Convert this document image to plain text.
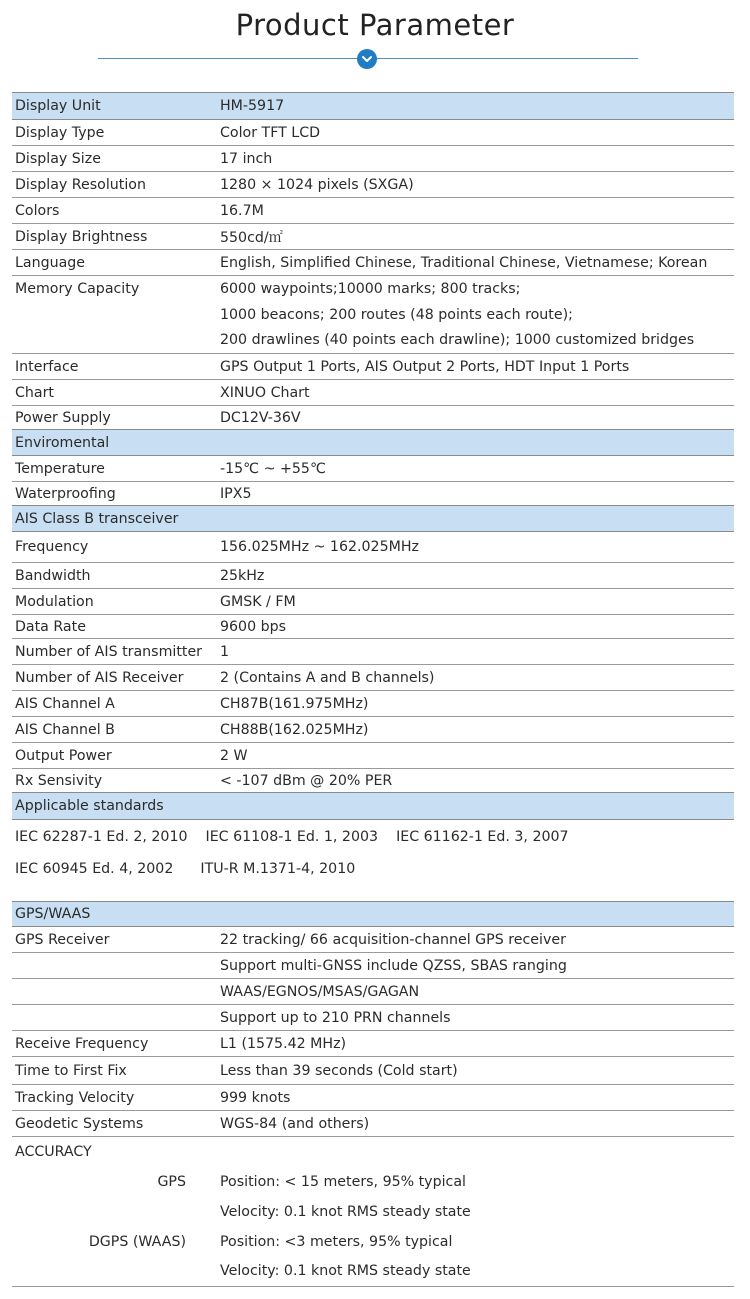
Product Parameter
Display Unit	HM-5917
Display Type	Color TFT LCD
Display Size	17 inch
Display Resolution	1280 × 1024 pixels (SXGA)
Colors	16.7M
Display Brightness	550cd/㎡
Language	English, Simplified Chinese, Traditional Chinese, Vietnamese; Korean
Memory Capacity	6000 waypoints;10000 marks; 800 tracks;
	1000 beacons; 200 routes (48 points each route);
	200 drawlines (40 points each drawline); 1000 customized bridges
Interface	GPS Output 1 Ports, AIS Output 2 Ports, HDT Input 1 Ports
Chart	XINUO Chart
Power Supply	DC12V-36V
Enviromental	
Temperature	-15℃ ~ +55℃
Waterproofing	IPX5
AIS Class B transceiver	
Frequency	156.025MHz ~ 162.025MHz
Bandwidth	25kHz
Modulation	GMSK / FM
Data Rate	9600 bps
Number of AIS transmitter	1
Number of AIS Receiver	2 (Contains A and B channels)
AIS Channel A	CH87B(161.975MHz)
AIS Channel B	CH88B(162.025MHz)
Output Power	2 W
Rx Sensivity	< -107 dBm @ 20% PER
Applicable standards	
IEC 62287-1 Ed. 2, 2010    IEC 61108-1 Ed. 1, 2003    IEC 61162-1 Ed. 3, 2007	
IEC 60945 Ed. 4, 2002      ITU-R M.1371-4, 2010	

GPS/WAAS	
GPS Receiver	22 tracking/ 66 acquisition-channel GPS receiver
	Support multi-GNSS include QZSS, SBAS ranging
	WAAS/EGNOS/MSAS/GAGAN
	Support up to 210 PRN channels
Receive Frequency	L1 (1575.42 MHz)
Time to First Fix	Less than 39 seconds (Cold start)
Tracking Velocity	999 knots
Geodetic Systems	WGS-84 (and others)
ACCURACY	
GPS	Position: < 15 meters, 95% typical
	Velocity: 0.1 knot RMS steady state
DGPS (WAAS)	Position: <3 meters, 95% typical
	Velocity: 0.1 knot RMS steady state
